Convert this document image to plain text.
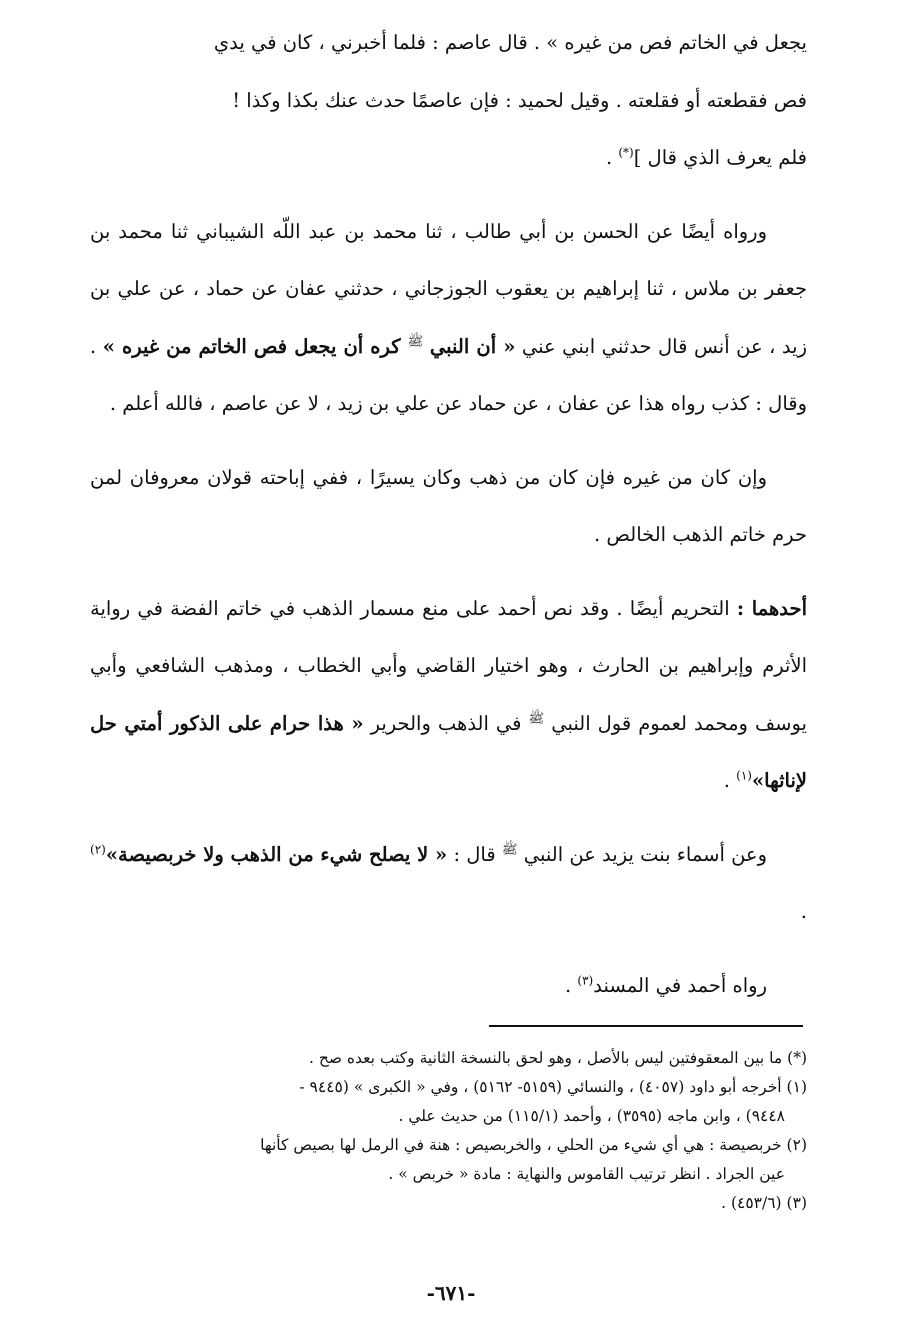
يجعل في الخاتم فص من غيره » . قال عاصم : فلما أخبرني ، كان في يدي
فص فقطعته أو فقلعته . وقيل لحميد : فإن عاصمًا حدث عنك بكذا وكذا !
فلم يعرف الذي قال ](*) .

ورواه أيضًا عن الحسن بن أبي طالب ، ثنا محمد بن عبد اللّه الشيباني ثنا محمد بن جعفر بن ملاس ، ثنا إبراهيم بن يعقوب الجوزجاني ، حدثني عفان عن حماد ، عن علي بن زيد ، عن أنس قال حدثني ابني عني « أن النبي $^ﷺ$ كره أن يجعل فص الخاتم من غيره » . وقال : كذب رواه هذا عن عفان ، عن حماد عن علي بن زيد ، لا عن عاصم ، فالله أعلم .

وإن كان من غيره فإن كان من ذهب وكان يسيرًا ، ففي إباحته قولان معروفان لمن حرم خاتم الذهب الخالص .

أحدهما : التحريم أيضًا . وقد نص أحمد على منع مسمار الذهب في خاتم الفضة في رواية الأثرم وإبراهيم بن الحارث ، وهو اختيار القاضي وأبي الخطاب ، ومذهب الشافعي وأبي يوسف ومحمد لعموم قول النبي $^ﷺ$ في الذهب والحرير « هذا حرام على الذكور أمتي حل لإناثها»$^{(١)}$ .

وعن أسماء بنت يزيد عن النبي $^ﷺ$ قال : « لا يصلح شيء من الذهب ولا خربصيصة»$^{(٢)}$ .

رواه أحمد في المسند$^{(٣)}$ .

(*) ما بين المعقوفتين ليس بالأصل ، وهو لحق بالنسخة الثانية وكتب بعده صح .

(١) أخرجه أبو داود (٤٠٥٧) ، والنسائي (٥١٥٩- ٥١٦٢) ، وفي « الكبرى » (٩٤٤٥ -
٩٤٤٨) ، وابن ماجه (٣٥٩٥) ، وأحمد (١١٥/١) من حديث علي .

(٢) خربصيصة : هي أي شيء من الحلي ، والخربصيص : هنة في الرمل لها بصيص كأنها
عين الجراد . انظر ترتيب القاموس والنهاية : مادة « خربص » .

(٣) (٤٥٣/٦) .

-٦٧١-
